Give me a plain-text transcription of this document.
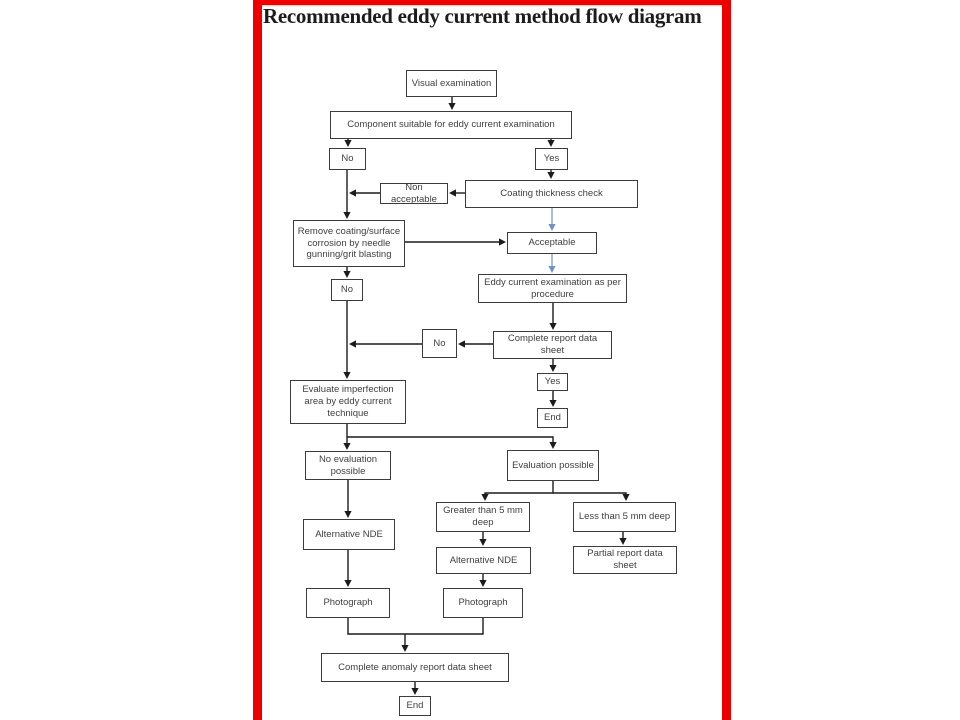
Recommended eddy current method flow diagram
Visual examination
Component suitable for eddy current examination
No	Yes
Coating thickness check
Non acceptable
Remove coating/surface corrosion by needle gunning/grit blasting
Acceptable
No
Eddy current examination as per procedure
No	Complete report data sheet
Yes
End
Evaluate imperfection area by eddy current technique
No evaluation possible
Evaluation possible
Greater than 5 mm deep
Less than 5 mm deep
Alternative NDE
Alternative NDE
Partial report data sheet
Photograph	Photograph
Complete anomaly report data sheet
End
